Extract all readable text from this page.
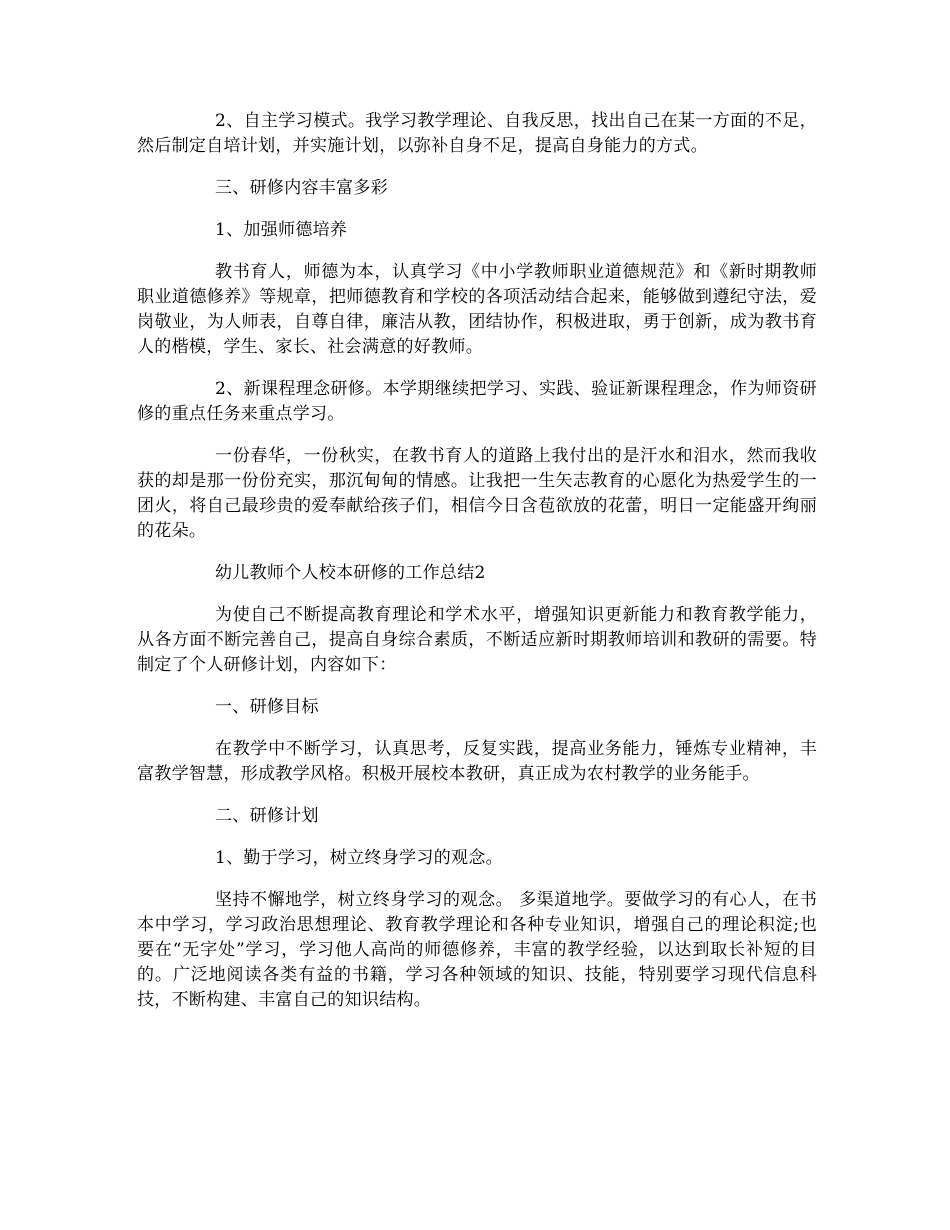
2、自主学习模式。我学习教学理论、自我反思，找出自己在某一方面的不足，然后制定自培计划，并实施计划，以弥补自身不足，提高自身能力的方式。

三、研修内容丰富多彩

1、加强师德培养

教书育人，师德为本，认真学习《中小学教师职业道德规范》和《新时期教师职业道德修养》等规章，把师德教育和学校的各项活动结合起来，能够做到遵纪守法，爱岗敬业，为人师表，自尊自律，廉洁从教，团结协作，积极进取，勇于创新，成为教书育人的楷模，学生、家长、社会满意的好教师。

2、新课程理念研修。本学期继续把学习、实践、验证新课程理念，作为师资研修的重点任务来重点学习。

一份春华，一份秋实，在教书育人的道路上我付出的是汗水和泪水，然而我收获的却是那一份份充实，那沉甸甸的情感。让我把一生矢志教育的心愿化为热爱学生的一团火，将自己最珍贵的爱奉献给孩子们，相信今日含苞欲放的花蕾，明日一定能盛开绚丽的花朵。

幼儿教师个人校本研修的工作总结2

为使自己不断提高教育理论和学术水平，增强知识更新能力和教育教学能力，从各方面不断完善自己，提高自身综合素质，不断适应新时期教师培训和教研的需要。特制定了个人研修计划，内容如下：

一、研修目标

在教学中不断学习，认真思考，反复实践，提高业务能力，锤炼专业精神，丰富教学智慧，形成教学风格。积极开展校本教研，真正成为农村教学的业务能手。

二、研修计划

1、勤于学习，树立终身学习的观念。

坚持不懈地学，树立终身学习的观念。 多渠道地学。要做学习的有心人，在书本中学习，学习政治思想理论、教育教学理论和各种专业知识，增强自己的理论积淀;也要在“无字处”学习，学习他人高尚的师德修养，丰富的教学经验，以达到取长补短的目的。广泛地阅读各类有益的书籍，学习各种领域的知识、技能，特别要学习现代信息科技，不断构建、丰富自己的知识结构。
